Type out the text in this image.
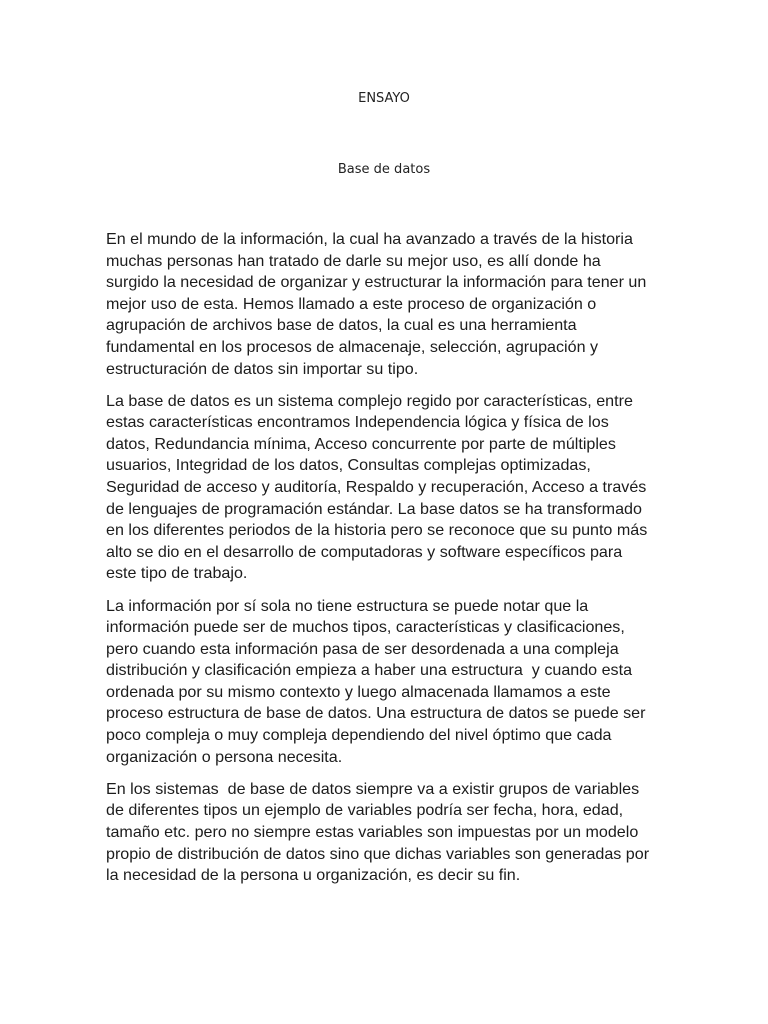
ENSAYO
Base de datos

En el mundo de la información, la cual ha avanzado a través de la historia
muchas personas han tratado de darle su mejor uso, es allí donde ha
surgido la necesidad de organizar y estructurar la información para tener un
mejor uso de esta. Hemos llamado a este proceso de organización o
agrupación de archivos base de datos, la cual es una herramienta
fundamental en los procesos de almacenaje, selección, agrupación y
estructuración de datos sin importar su tipo.

La base de datos es un sistema complejo regido por características, entre
estas características encontramos Independencia lógica y física de los
datos, Redundancia mínima, Acceso concurrente por parte de múltiples
usuarios, Integridad de los datos, Consultas complejas optimizadas,
Seguridad de acceso y auditoría, Respaldo y recuperación, Acceso a través
de lenguajes de programación estándar. La base datos se ha transformado
en los diferentes periodos de la historia pero se reconoce que su punto más
alto se dio en el desarrollo de computadoras y software específicos para
este tipo de trabajo.

La información por sí sola no tiene estructura se puede notar que la
información puede ser de muchos tipos, características y clasificaciones,
pero cuando esta información pasa de ser desordenada a una compleja
distribución y clasificación empieza a haber una estructura  y cuando esta
ordenada por su mismo contexto y luego almacenada llamamos a este
proceso estructura de base de datos. Una estructura de datos se puede ser
poco compleja o muy compleja dependiendo del nivel óptimo que cada
organización o persona necesita.

En los sistemas  de base de datos siempre va a existir grupos de variables
de diferentes tipos un ejemplo de variables podría ser fecha, hora, edad,
tamaño etc. pero no siempre estas variables son impuestas por un modelo
propio de distribución de datos sino que dichas variables son generadas por
la necesidad de la persona u organización, es decir su fin.
